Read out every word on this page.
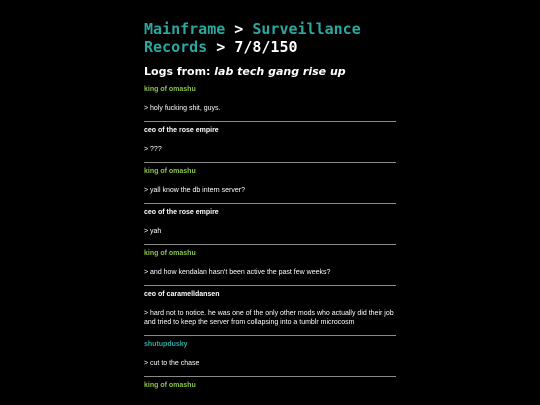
Mainframe > Surveillance Records > 7/8/150
Logs from: lab tech gang rise up
king of omashu
> holy fucking shit, guys.
ceo of the rose empire
> ???
king of omashu
> yall know the db intern server?
ceo of the rose empire
> yah
king of omashu
> and how kendalan hasn't been active the past few weeks?
ceo of caramelldansen
> hard not to notice. he was one of the only other mods who actually did their job and tried to keep the server from collapsing into a tumblr microcosm
shutupdusky
> cut to the chase
king of omashu
